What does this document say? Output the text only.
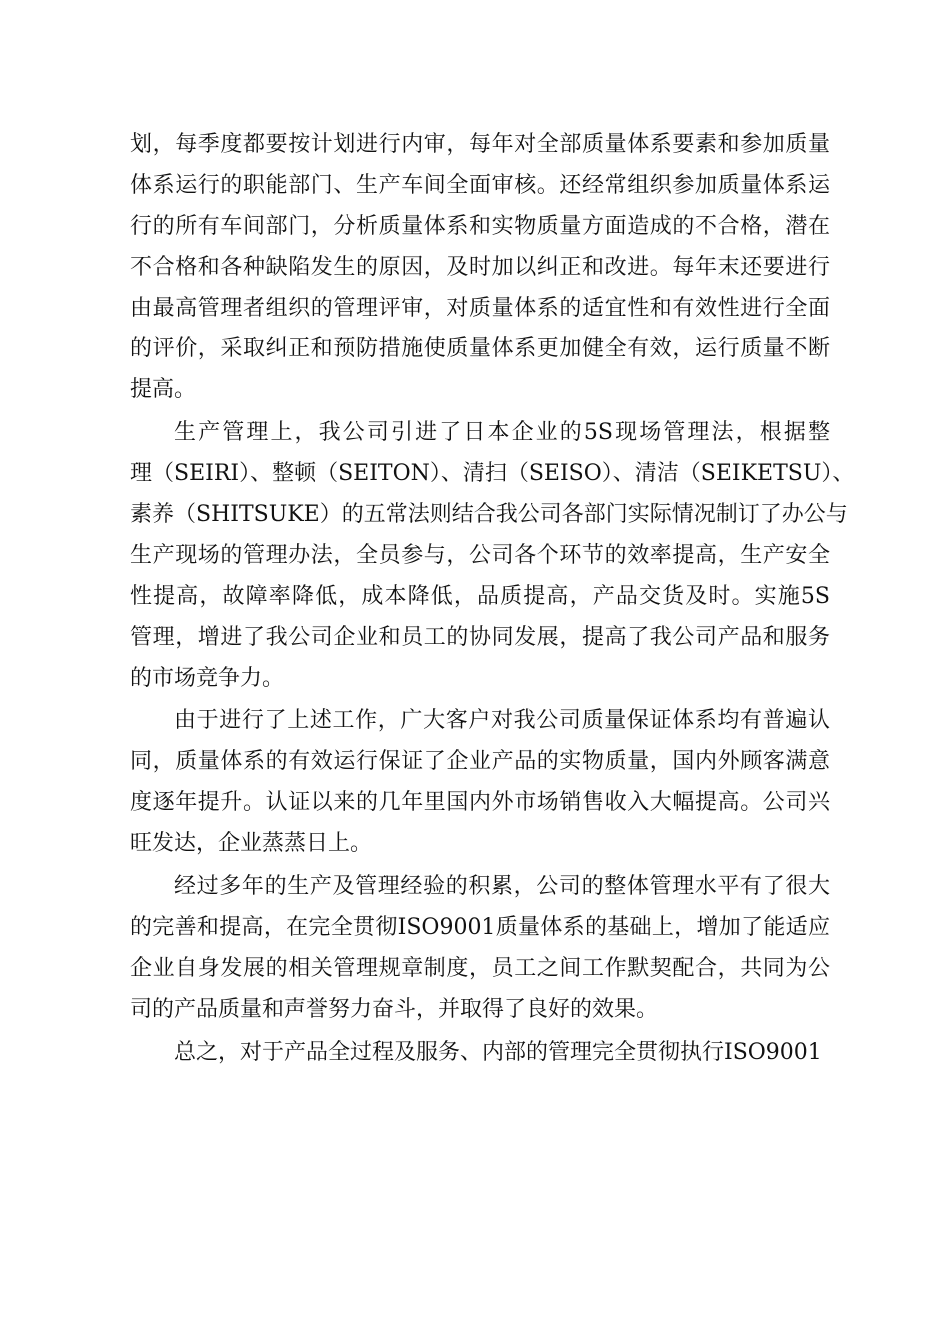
划，每季度都要按计划进行内审，每年对全部质量体系要素和参加质量
体系运行的职能部门、生产车间全面审核。还经常组织参加质量体系运
行的所有车间部门，分析质量体系和实物质量方面造成的不合格，潜在
不合格和各种缺陷发生的原因，及时加以纠正和改进。每年末还要进行
由最高管理者组织的管理评审，对质量体系的适宜性和有效性进行全面
的评价，采取纠正和预防措施使质量体系更加健全有效，运行质量不断
提高。
生产管理上，我公司引进了日本企业的5S现场管理法，根据整
理（SEIRI）、整顿（SEITON）、清扫（SEISO）、清洁（SEIKETSU）、
素养（SHITSUKE）的五常法则结合我公司各部门实际情况制订了办公与
生产现场的管理办法，全员参与，公司各个环节的效率提高，生产安全
性提高，故障率降低，成本降低，品质提高，产品交货及时。实施5S
管理，增进了我公司企业和员工的协同发展，提高了我公司产品和服务
的市场竞争力。
由于进行了上述工作，广大客户对我公司质量保证体系均有普遍认
同，质量体系的有效运行保证了企业产品的实物质量，国内外顾客满意
度逐年提升。认证以来的几年里国内外市场销售收入大幅提高。公司兴
旺发达，企业蒸蒸日上。
经过多年的生产及管理经验的积累，公司的整体管理水平有了很大
的完善和提高，在完全贯彻ISO9001质量体系的基础上，增加了能适应
企业自身发展的相关管理规章制度，员工之间工作默契配合，共同为公
司的产品质量和声誉努力奋斗，并取得了良好的效果。
总之，对于产品全过程及服务、内部的管理完全贯彻执行ISO9001
